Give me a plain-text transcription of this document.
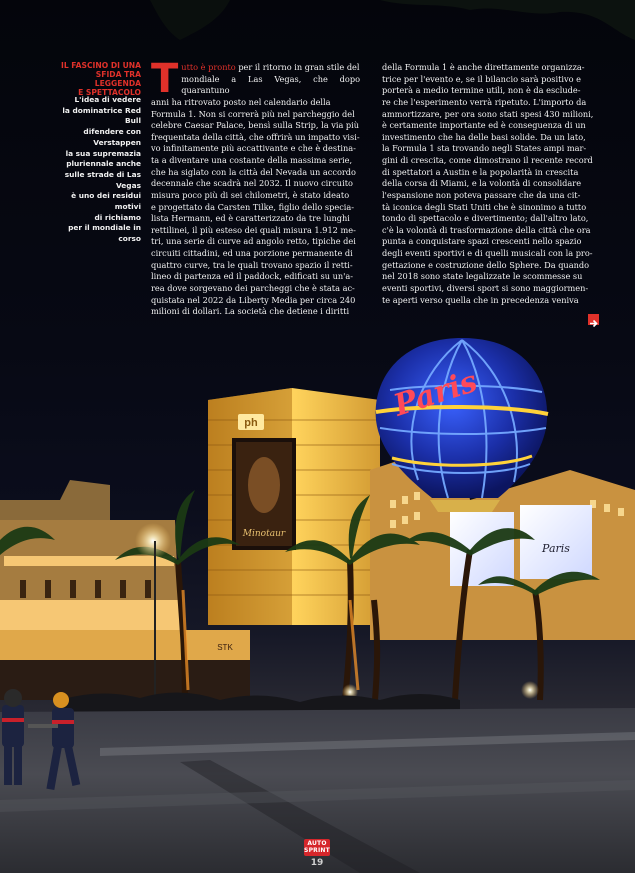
Minotaur
ph
Paris
Paris
STK
IL FASCINO DI UNA
SFIDA TRA LEGGENDA
E SPETTACOLO
L'idea di vedere
la dominatrice Red Bull
difendere con Verstappen
la sua supremazia
pluriennale anche
sulle strade di Las Vegas
è uno dei residui motivi
di richiamo
per il mondiale in corso
T utto è pronto per il ritorno in gran stile del
mondiale a Las Vegas, che dopo quarantuno
anni ha ritrovato posto nel calendario della
Formula 1. Non si correrà più nel parcheggio del
celebre Caesar Palace, bensì sulla Strip, la via più
frequentata della città, che offrirà un impatto visi-
vo infinitamente più accattivante e che è destina-
ta a diventare una costante della massima serie,
che ha siglato con la città del Nevada un accordo
decennale che scadrà nel 2032. Il nuovo circuito
misura poco più di sei chilometri, è stato ideato
e progettato da Carsten Tilke, figlio dello specia-
lista Hermann, ed è caratterizzato da tre lunghi
rettilinei, il più esteso dei quali misura 1.912 me-
tri, una serie di curve ad angolo retto, tipiche dei
circuiti cittadini, ed una porzione permanente di
quattro curve, tra le quali trovano spazio il retti-
lineo di partenza ed il paddock, edificati su un'a-
rea dove sorgevano dei parcheggi che è stata ac-
quistata nel 2022 da Liberty Media per circa 240
milioni di dollari. La società che detiene i diritti
della Formula 1 è anche direttamente organizza-
trice per l'evento e, se il bilancio sarà positivo e
porterà a medio termine utili, non è da esclude-
re che l'esperimento verrà ripetuto. L'importo da
ammortizzare, per ora sono stati spesi 430 milioni,
è certamente importante ed è conseguenza di un
investimento che ha delle basi solide. Da un lato,
la Formula 1 sta trovando negli States ampi mar-
gini di crescita, come dimostrano il recente record
di spettatori a Austin e la popolarità in crescita
della corsa di Miami, e la volontà di consolidare
l'espansione non poteva passare che da una cit-
tà iconica degli Stati Uniti che è sinonimo a tutto
tondo di spettacolo e divertimento; dall'altro lato,
c'è la volontà di trasformazione della città che ora
punta a conquistare spazi crescenti nello spazio
degli eventi sportivi e di quelli musicali con la pro-
gettazione e costruzione dello Sphere. Da quando
nel 2018 sono state legalizzate le scommesse su
eventi sportivi, diversi sport si sono maggiormen-
te aperti verso quella che in precedenza veniva
AUTO
SPRINT
19
